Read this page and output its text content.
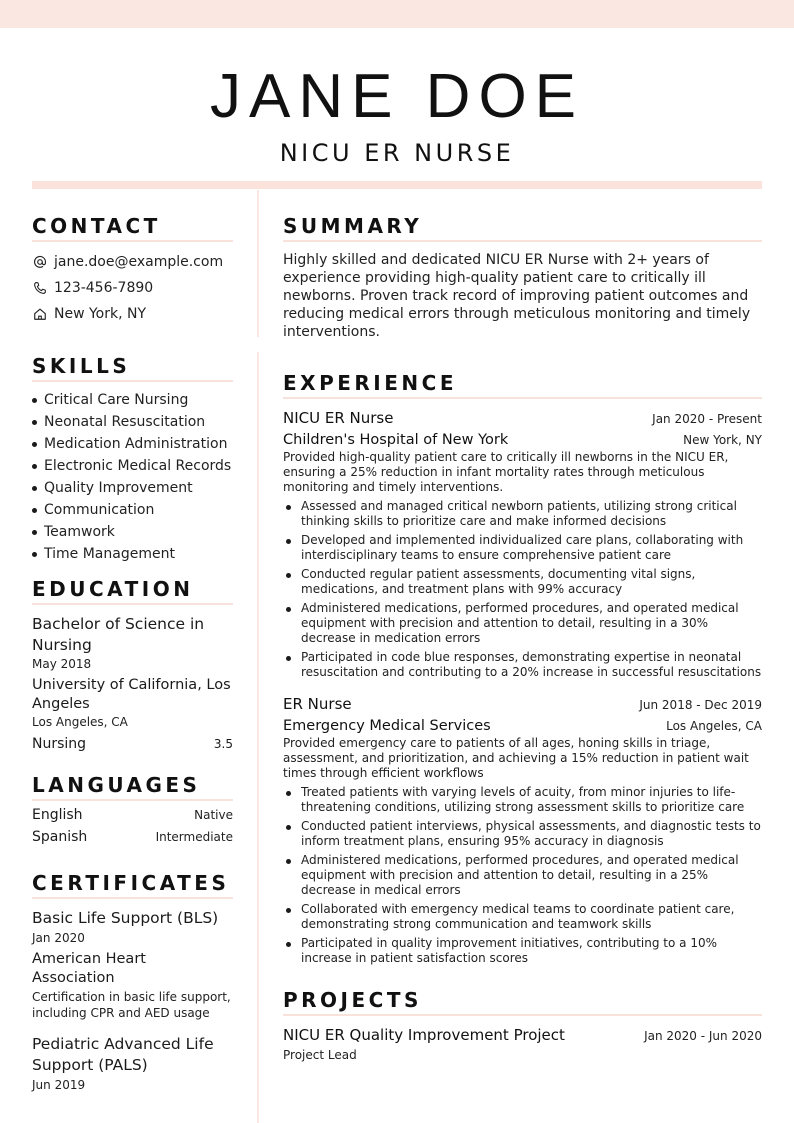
JANE DOE
NICU ER NURSE
CONTACT
jane.doe@example.com
123-456-7890
New York, NY
SKILLS
Critical Care Nursing
Neonatal Resuscitation
Medication Administration
Electronic Medical Records
Quality Improvement
Communication
Teamwork
Time Management
EDUCATION
Bachelor of Science in Nursing
May 2018
University of California, Los Angeles
Los Angeles, CA
Nursing	3.5
LANGUAGES
English	Native
Spanish	Intermediate
CERTIFICATES
Basic Life Support (BLS)
Jan 2020
American Heart Association
Certification in basic life support, including CPR and AED usage
Pediatric Advanced Life Support (PALS)
Jun 2019
SUMMARY
Highly skilled and dedicated NICU ER Nurse with 2+ years of experience providing high-quality patient care to critically ill newborns. Proven track record of improving patient outcomes and reducing medical errors through meticulous monitoring and timely interventions.
EXPERIENCE
NICU ER Nurse	Jan 2020 - Present
Children's Hospital of New York	New York, NY
Provided high-quality patient care to critically ill newborns in the NICU ER, ensuring a 25% reduction in infant mortality rates through meticulous monitoring and timely interventions.
Assessed and managed critical newborn patients, utilizing strong critical thinking skills to prioritize care and make informed decisions
Developed and implemented individualized care plans, collaborating with interdisciplinary teams to ensure comprehensive patient care
Conducted regular patient assessments, documenting vital signs, medications, and treatment plans with 99% accuracy
Administered medications, performed procedures, and operated medical equipment with precision and attention to detail, resulting in a 30% decrease in medication errors
Participated in code blue responses, demonstrating expertise in neonatal resuscitation and contributing to a 20% increase in successful resuscitations
ER Nurse	Jun 2018 - Dec 2019
Emergency Medical Services	Los Angeles, CA
Provided emergency care to patients of all ages, honing skills in triage, assessment, and prioritization, and achieving a 15% reduction in patient wait times through efficient workflows
Treated patients with varying levels of acuity, from minor injuries to life-threatening conditions, utilizing strong assessment skills to prioritize care
Conducted patient interviews, physical assessments, and diagnostic tests to inform treatment plans, ensuring 95% accuracy in diagnosis
Administered medications, performed procedures, and operated medical equipment with precision and attention to detail, resulting in a 25% decrease in medical errors
Collaborated with emergency medical teams to coordinate patient care, demonstrating strong communication and teamwork skills
Participated in quality improvement initiatives, contributing to a 10% increase in patient satisfaction scores
PROJECTS
NICU ER Quality Improvement Project	Jan 2020 - Jun 2020
Project Lead
